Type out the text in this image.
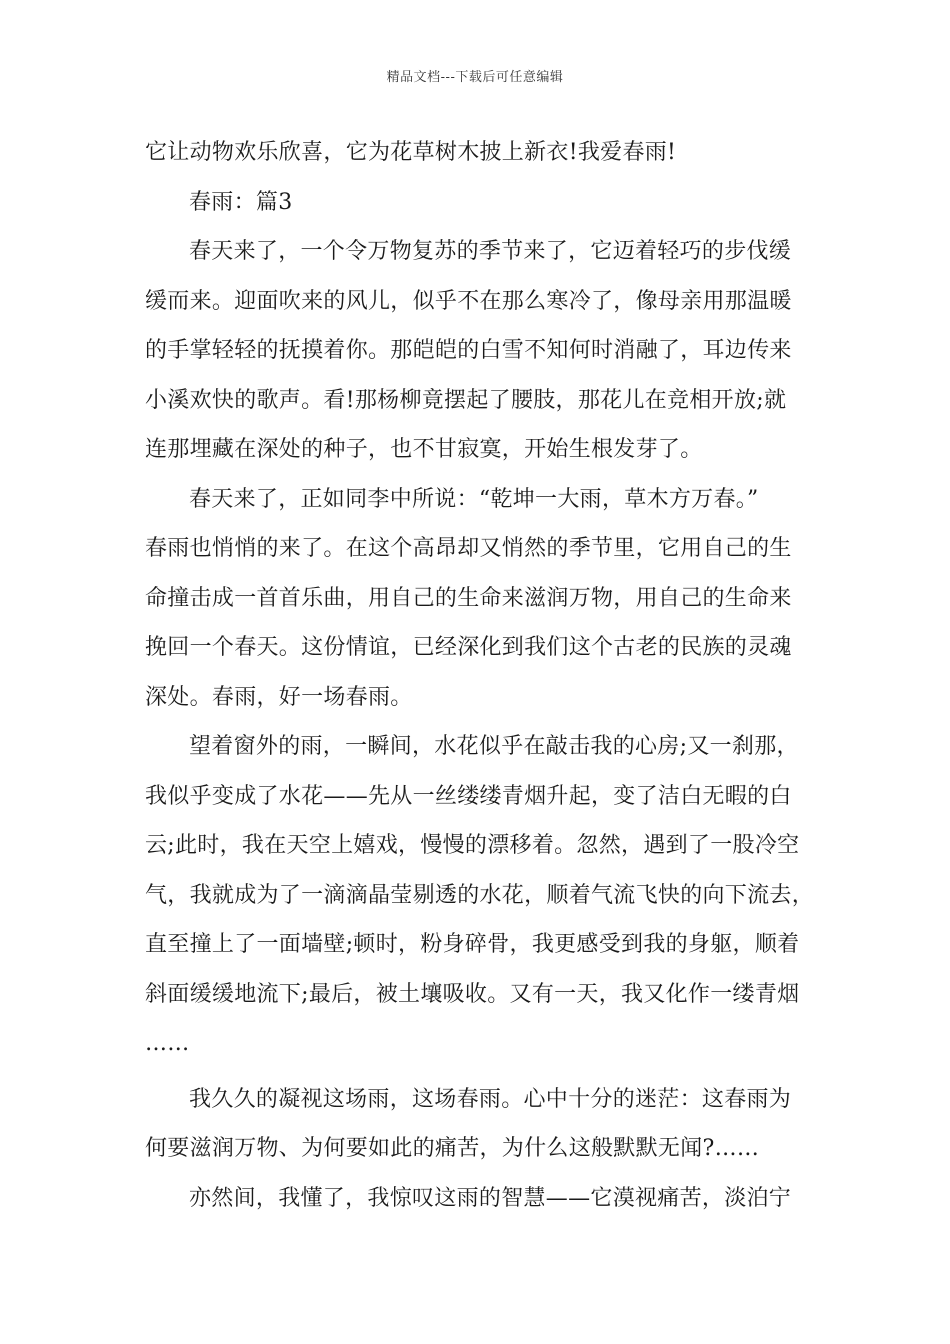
精品文档---下载后可任意编辑
它让动物欢乐欣喜，它为花草树木披上新衣!我爱春雨!
春雨：篇3
春天来了，一个令万物复苏的季节来了，它迈着轻巧的步伐缓
缓而来。迎面吹来的风儿，似乎不在那么寒冷了，像母亲用那温暖
的手掌轻轻的抚摸着你。那皑皑的白雪不知何时消融了，耳边传来
小溪欢快的歌声。看!那杨柳竟摆起了腰肢，那花儿在竞相开放;就
连那埋藏在深处的种子，也不甘寂寞，开始生根发芽了。
春天来了，正如同李中所说：“乾坤一大雨，草木方万春。”
春雨也悄悄的来了。在这个高昂却又悄然的季节里，它用自己的生
命撞击成一首首乐曲，用自己的生命来滋润万物，用自己的生命来
挽回一个春天。这份情谊，已经深化到我们这个古老的民族的灵魂
深处。春雨，好一场春雨。
望着窗外的雨，一瞬间，水花似乎在敲击我的心房;又一刹那，
我似乎变成了水花——先从一丝缕缕青烟升起，变了洁白无暇的白
云;此时，我在天空上嬉戏，慢慢的漂移着。忽然，遇到了一股冷空
气，我就成为了一滴滴晶莹剔透的水花，顺着气流飞快的向下流去，
直至撞上了一面墙壁;顿时，粉身碎骨，我更感受到我的身躯，顺着
斜面缓缓地流下;最后，被土壤吸收。又有一天，我又化作一缕青烟
……
我久久的凝视这场雨，这场春雨。心中十分的迷茫：这春雨为
何要滋润万物、为何要如此的痛苦，为什么这般默默无闻?……
亦然间，我懂了，我惊叹这雨的智慧——它漠视痛苦，淡泊宁
